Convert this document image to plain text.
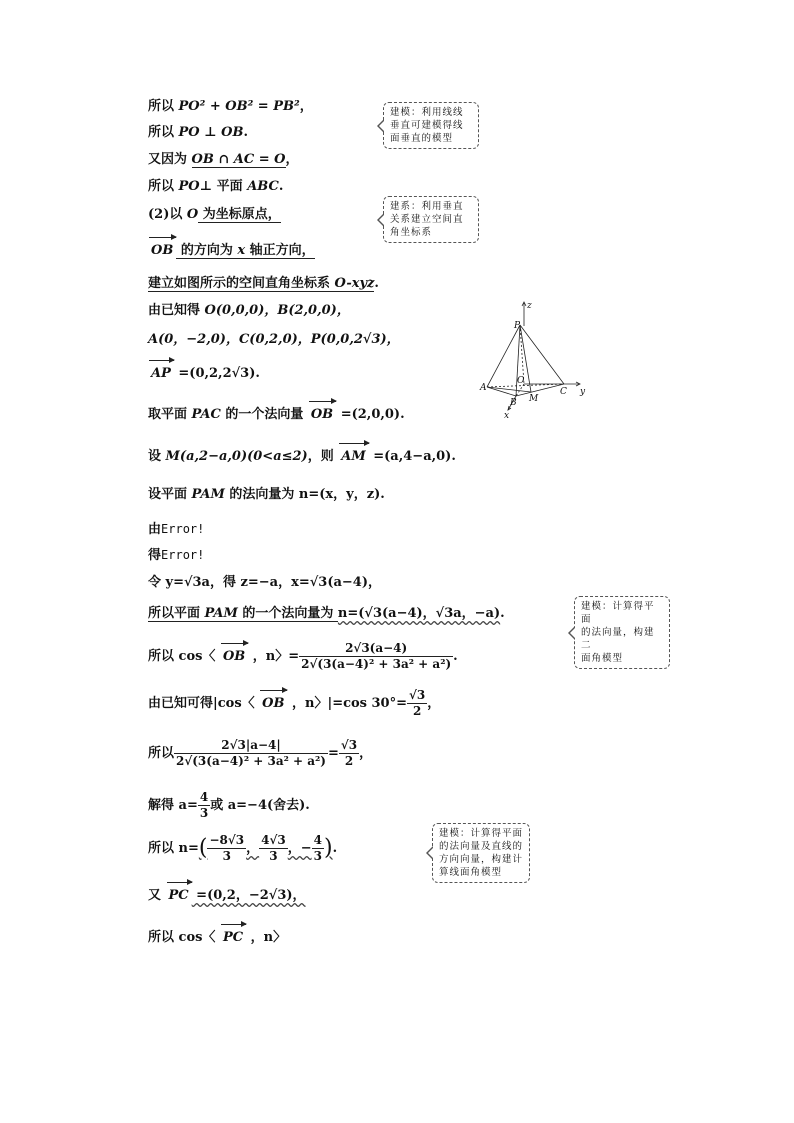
所以 PO² + OB² = PB²，
所以 PO ⊥ OB.
又因为 OB ∩ AC = O，
所以 PO⊥ 平面 ABC.
(2)以 O 为坐标原点，
OB 的方向为 x 轴正方向，
建立如图所示的空间直角坐标系 O-xyz.
由已知得 O(0,0,0)，B(2,0,0)，
A(0，−2,0)，C(0,2,0)，P(0,0,2√3)，
AP =(0,2,2√3).
取平面 PAC 的一个法向量 OB =(2,0,0).
设 M(a,2−a,0)(0<a≤2)，则 AM =(a,4−a,0).
设平面 PAM 的法向量为 n=(x，y，z).
由Error!
得Error!
令 y=√3a，得 z=−a，x=√3(a−4)，
所以平面 PAM 的一个法向量为 n=(√3(a−4)，√3a，−a).
所以 cos〈 OB ，n〉= $\frac{2√3(a-4)}{\text{2√(3(a−4)² + 3a² + a²)}}$ .
由已知可得|cos〈 OB ，n〉|=cos $30^\circ= \frac{√3}{2}$ ，
所以 $\frac{2√3|a-4|}{\text{2√(3(a−4)² + 3a² + a²)}} = \frac{√3}{2}$ ，
解得 $a= \frac{4}{3}$ 或 a=−4(舍去).
所以 $n=( \frac{-8√3}{3}$ ， $\frac{4√3}{3}$ ，− $\frac{4}{3}$ ).
又 PC =(0,2，−2√3)，
所以 cos〈 PC ，n〉
建模：利用线线
垂直可建模得线
面垂直的模型
建系：利用垂直
关系建立空间直
角坐标系
建模：计算得平面
的法向量，构建二
面角模型
建模：计算得平面
的法向量及直线的
方向向量，构建计
算线面角模型
z
P
O
A
B M
C y
x
